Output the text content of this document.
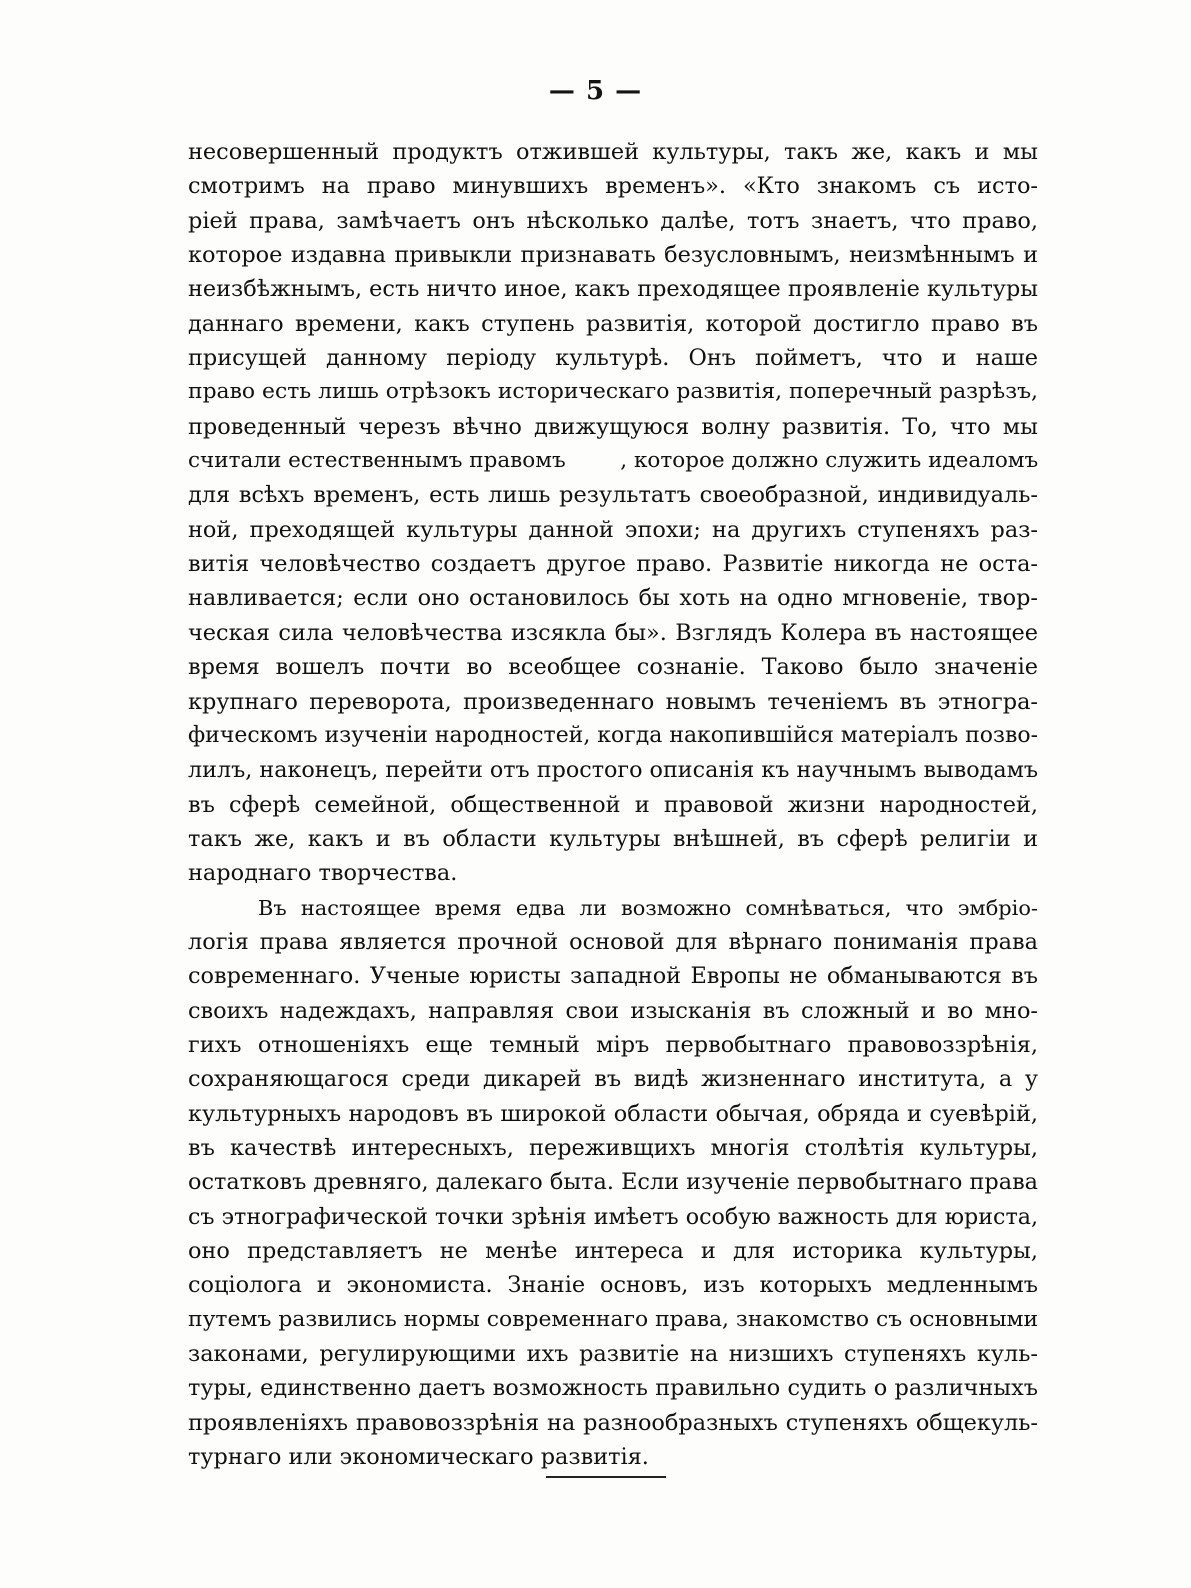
— 5 —
несовершенный продуктъ отжившей культуры, такъ же, какъ и мы
смотримъ на право минувшихъ временъ». «Кто знакомъ съ исто-
ріей права, замѣчаетъ онъ нѣсколько далѣе, тотъ знаетъ, что право,
которое издавна привыкли признавать безусловнымъ, неизмѣннымъ и
неизбѣжнымъ, есть ничто иное, какъ преходящее проявленіе культуры
даннаго времени, какъ ступень развитія, которой достигло право въ
присущей данному періоду культурѣ. Онъ пойметъ, что и наше
право есть лишь отрѣзокъ историческаго развитія, поперечный разрѣзъ,
проведенный черезъ вѣчно движущуюся волну развитія. То, что мы
считали естественнымъ правомъ        , которое должно служить идеаломъ
для всѣхъ временъ, есть лишь результатъ своеобразной, индивидуаль-
ной, преходящей культуры данной эпохи; на другихъ ступеняхъ раз-
витія человѣчество создаетъ другое право. Развитіе никогда не оста-
навливается; если оно остановилось бы хоть на одно мгновеніе, твор-
ческая сила человѣчества изсякла бы». Взглядъ Колера въ настоящее
время вошелъ почти во всеобщее сознаніе. Таково было значеніе
крупнаго переворота, произведеннаго новымъ теченіемъ въ этногра-
фическомъ изученіи народностей, когда накопившійся матеріалъ позво-
лилъ, наконецъ, перейти отъ простого описанія къ научнымъ выводамъ
въ сферѣ семейной, общественной и правовой жизни народностей,
такъ же, какъ и въ области культуры внѣшней, въ сферѣ религіи и
народнаго творчества.
Въ настоящее время едва ли возможно сомнѣваться, что эмбріо-
логія права является прочной основой для вѣрнаго пониманія права
современнаго. Ученые юристы западной Европы не обманываются въ
своихъ надеждахъ, направляя свои изысканія въ сложный и во мно-
гихъ отношеніяхъ еще темный міръ первобытнаго правовоззрѣнія,
сохраняющагося среди дикарей въ видѣ жизненнаго института, а у
культурныхъ народовъ въ широкой области обычая, обряда и суевѣрій,
въ качествѣ интересныхъ, переживщихъ многія столѣтія культуры,
остатковъ древняго, далекаго быта. Если изученіе первобытнаго права
съ этнографической точки зрѣнія имѣетъ особую важность для юриста,
оно представляетъ не менѣе интереса и для историка культуры,
соціолога и экономиста. Знаніе основъ, изъ которыхъ медленнымъ
путемъ развились нормы современнаго права, знакомство съ основными
законами, регулирующими ихъ развитіе на низшихъ ступеняхъ куль-
туры, единственно даетъ возможность правильно судить о различныхъ
проявленіяхъ правовоззрѣнія на разнообразныхъ ступеняхъ общекуль-
турнаго или экономическаго развитія.
